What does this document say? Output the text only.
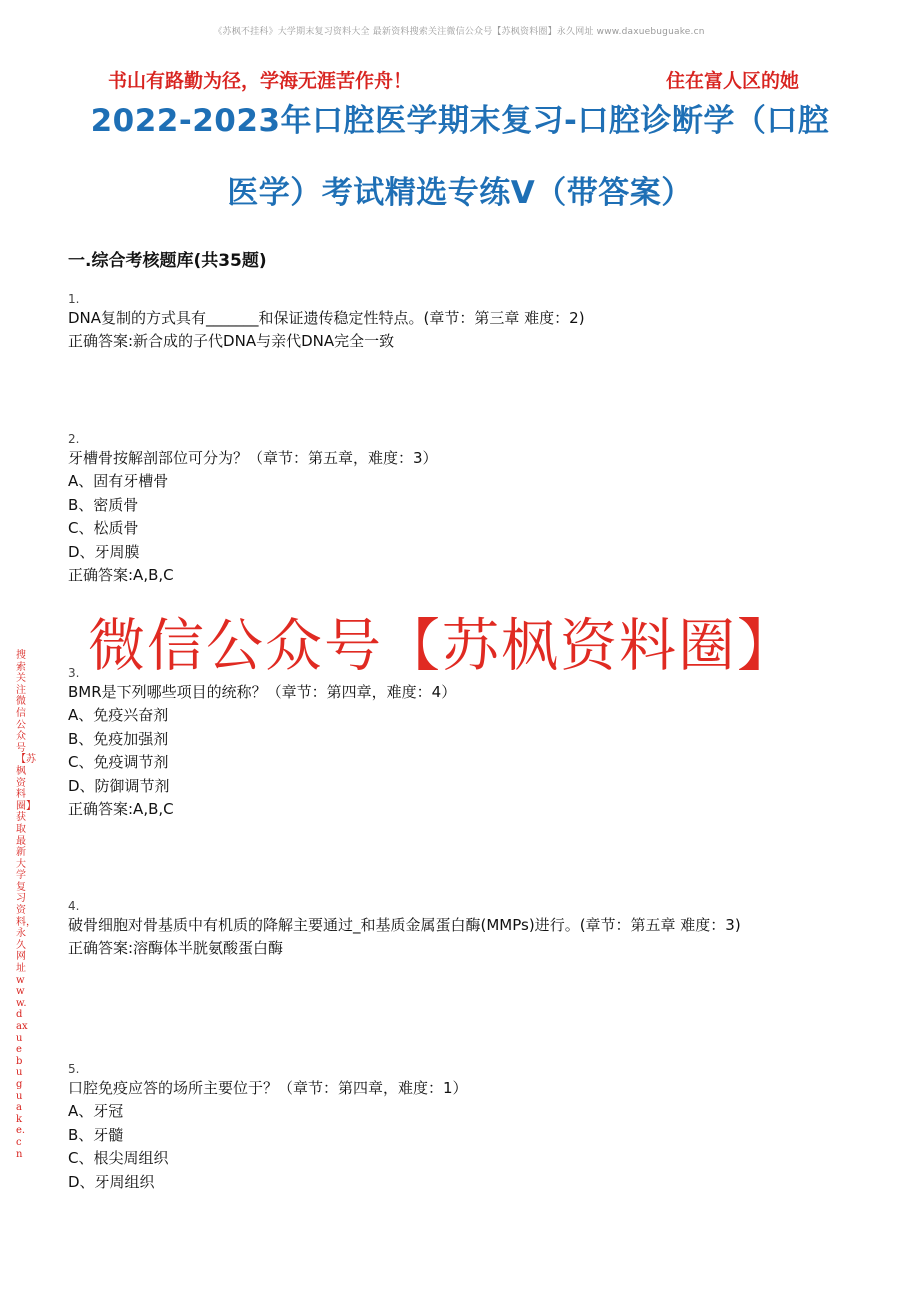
《苏枫不挂科》大学期末复习资料大全 最新资料搜索关注微信公众号【苏枫资料圈】永久网址 www.daxuebuguake.cn
书山有路勤为径，学海无涯苦作舟！	住在富人区的她
2022-2023年口腔医学期末复习-口腔诊断学（口腔
医学）考试精选专练V（带答案）
一.综合考核题库(共35题)
1.
DNA复制的方式具有_______和保证遗传稳定性特点。(章节：第三章 难度：2)
正确答案:新合成的子代DNA与亲代DNA完全一致
2.
牙槽骨按解剖部位可分为？（章节：第五章，难度：3）
A、固有牙槽骨
B、密质骨
C、松质骨
D、牙周膜
正确答案:A,B,C
3.
BMR是下列哪些项目的统称？（章节：第四章，难度：4）
A、免疫兴奋剂
B、免疫加强剂
C、免疫调节剂
D、防御调节剂
正确答案:A,B,C
4.
破骨细胞对骨基质中有机质的降解主要通过_和基质金属蛋白酶(MMPs)进行。(章节：第五章 难度：3)
正确答案:溶酶体半胱氨酸蛋白酶
5.
口腔免疫应答的场所主要位于？（章节：第四章，难度：1）
A、牙冠
B、牙髓
C、根尖周组织
D、牙周组织
微信公众号【苏枫资料圈】
搜索关注微信公众号【苏枫资料圈】获取最新大学复习资料，永久网址www.daxuebuguake.cn
